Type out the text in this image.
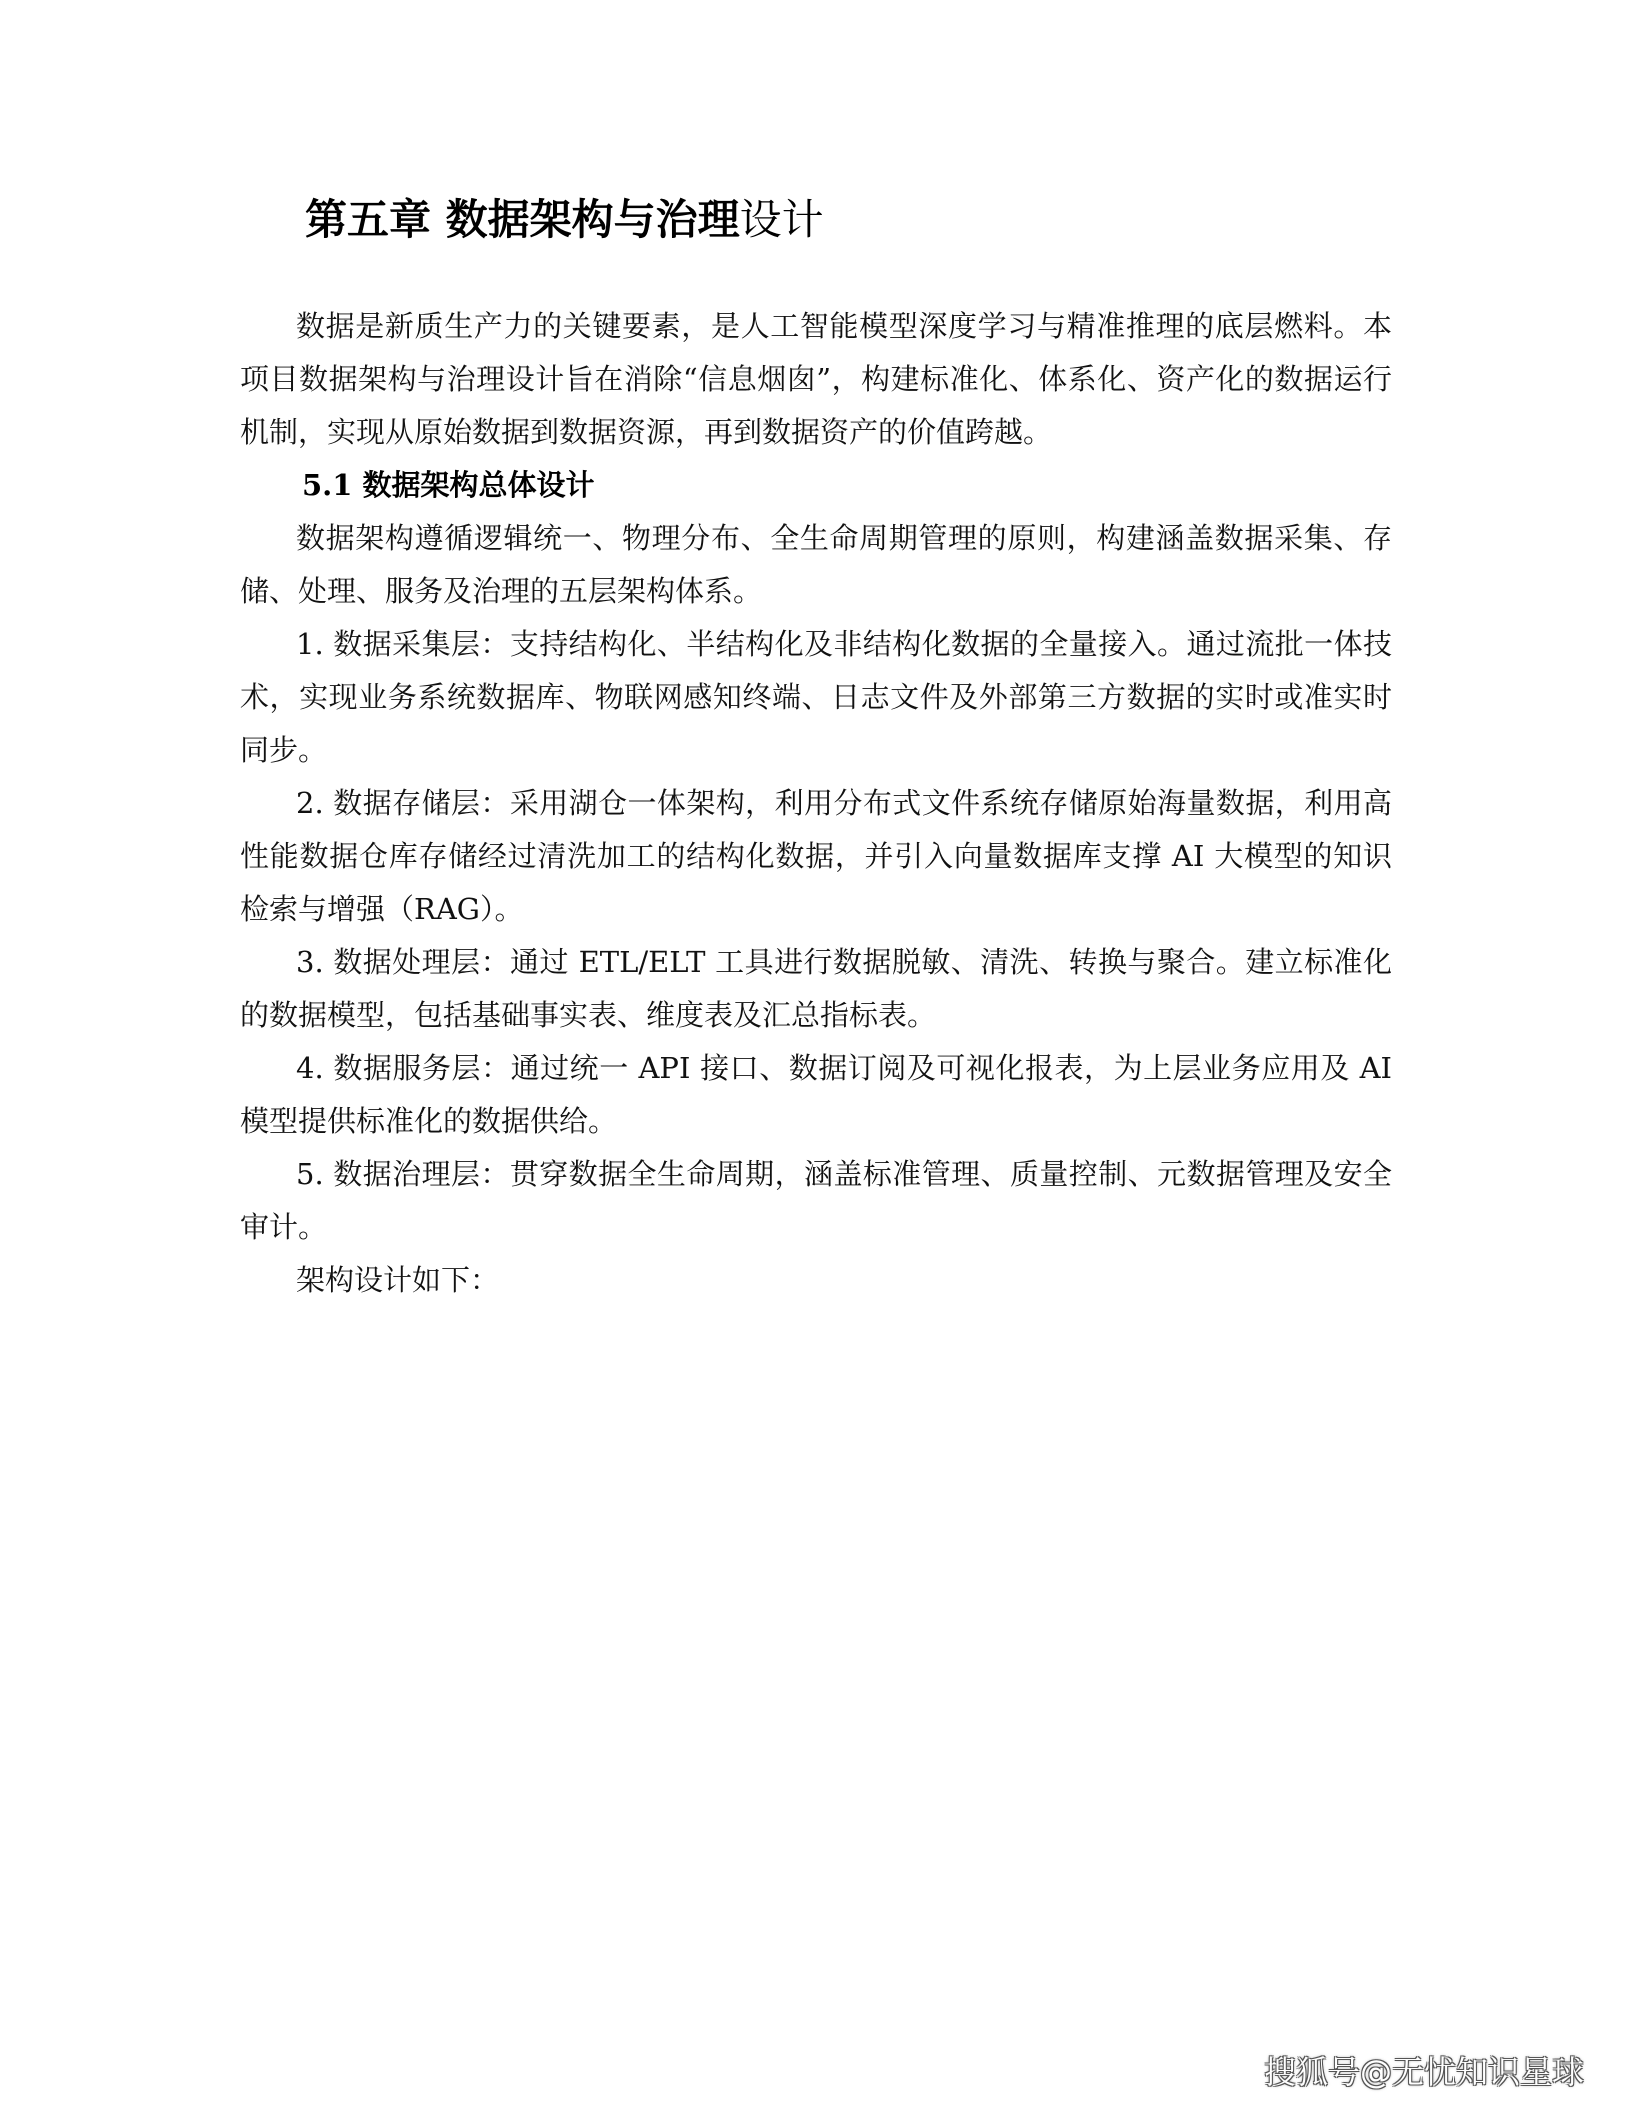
第五章 数据架构与治理设计

数据是新质生产力的关键要素，是人工智能模型深度学习与精准推理的底层燃料。本项目数据架构与治理设计旨在消除“信息烟囱”，构建标准化、体系化、资产化的数据运行机制，实现从原始数据到数据资源，再到数据资产的价值跨越。

5.1 数据架构总体设计

数据架构遵循逻辑统一、物理分布、全生命周期管理的原则，构建涵盖数据采集、存储、处理、服务及治理的五层架构体系。

1. 数据采集层：支持结构化、半结构化及非结构化数据的全量接入。通过流批一体技术，实现业务系统数据库、物联网感知终端、日志文件及外部第三方数据的实时或准实时同步。

2. 数据存储层：采用湖仓一体架构，利用分布式文件系统存储原始海量数据，利用高性能数据仓库存储经过清洗加工的结构化数据，并引入向量数据库支撑 AI 大模型的知识检索与增强（RAG）。

3. 数据处理层：通过 ETL/ELT 工具进行数据脱敏、清洗、转换与聚合。建立标准化的数据模型，包括基础事实表、维度表及汇总指标表。

4. 数据服务层：通过统一 API 接口、数据订阅及可视化报表，为上层业务应用及 AI 模型提供标准化的数据供给。

5. 数据治理层：贯穿数据全生命周期，涵盖标准管理、质量控制、元数据管理及安全审计。

架构设计如下：

搜狐号@无忧知识星球
